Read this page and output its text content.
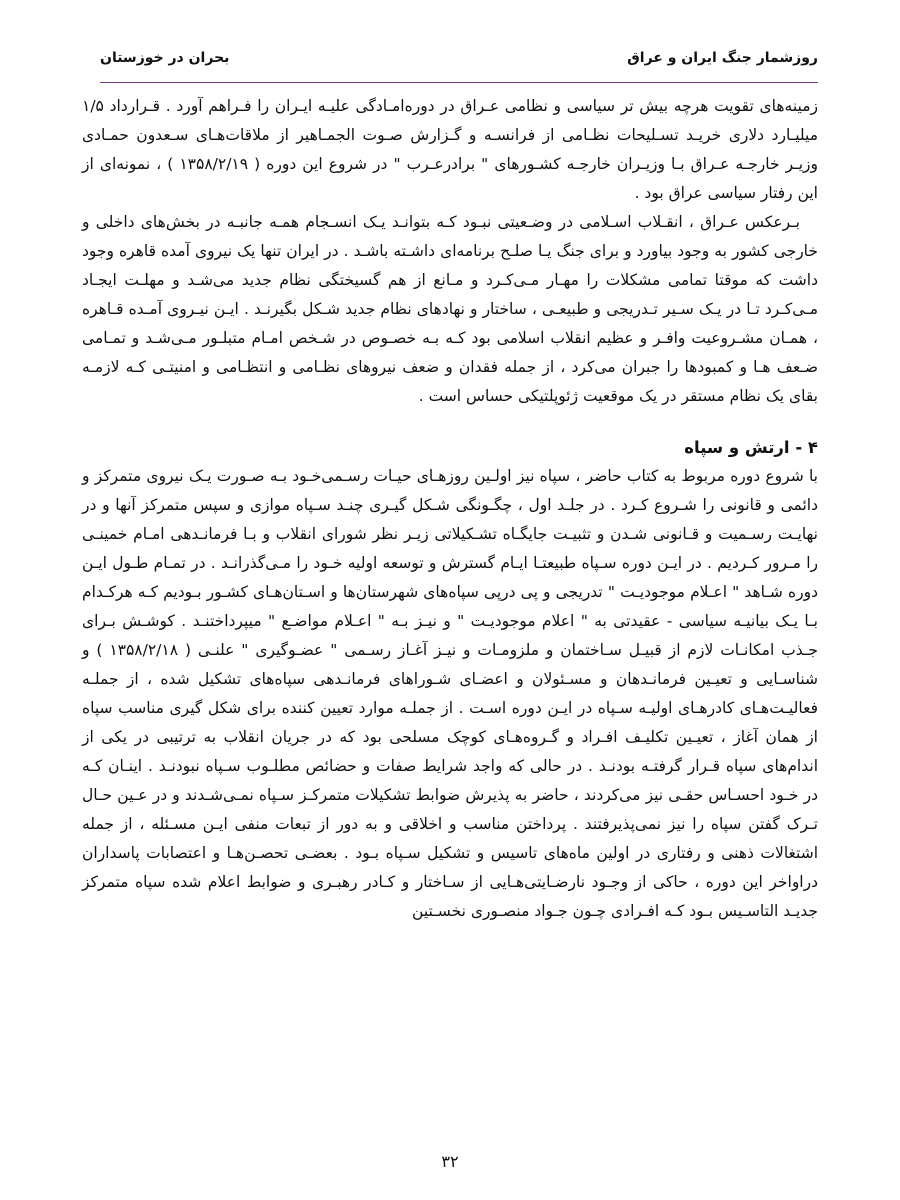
روزشمار جنگ ایران و عراق
بحران در خوزستان

زمینه‌های تقویت هرچه بیش تر سیاسی و نظامی عـراق در دوره‌امـادگی علیـه ایـران را فـراهم آورد . قـرارداد ۱/۵ میلیـارد دلاری خریـد تسـلیحات نظـامی از فرانسـه و گـزارش صـوت الجمـاهیر از ملاقات‌هـای سـعدون حمـادی وزیـر خارجـه عـراق بـا وزیـران خارجـه کشـورهای " برادرعـرب " در شروع این دوره ( ۱۳۵۸/۲/۱۹ ) ، نمونه‌ای از این رفتار سیاسی عراق بود .

بـرعکس عـراق ، انقـلاب اسـلامی در وضـعیتی نبـود کـه بتوانـد یـک انسـجام همـه جانبـه در بخش‌های داخلی و خارجی کشور به وجود بیاورد و برای جنگ یـا صلـح برنامه‌ای داشـته باشـد . در ایران تنها یک نیروی آمده قاهره وجود داشت که موقتا تمامی مشکلات را مهـار مـی‌کـرد و مـانع از هم گسیختگی نظام جدید می‌شـد و مهلـت ایجـاد مـی‌کـرد تـا در یـک سـیر تـدریجی و طبیعـی ، ساختار و نهادهای نظام جدید شـکل بگیرنـد . ایـن نیـروی آمـده قـاهره ، همـان مشـروعیت وافـر و عظیم انقلاب اسلامی بود کـه بـه خصـوص در شـخص امـام متبلـور مـی‌شـد و تمـامی ضـعف هـا و کمبودها را جبران می‌کرد ، از جمله فقدان و ضعف نیروهای نظـامی و انتظـامی و امنیتـی کـه لازمـه بقای یک نظام مستقر در یک موقعیت ژئوپلتیکی حساس است .

۴ - ارتش و سپاه

با شروع دوره مربوط به کتاب حاضر ، سپاه نیز اولـین روزهـای حیـات رسـمی‌خـود بـه صـورت یـک نیروی متمرکز و دائمی و قانونی را شـروع کـرد . در جلـد اول ، چگـونگی شـکل گیـری چنـد سـپاه موازی و سپس متمرکز آنها و در نهایـت رسـمیت و قـانونی شـدن و تثبیـت جایگـاه تشـکیلاتی زیـر نظر شورای انقلاب و بـا فرمانـدهی امـام خمینـی را مـرور کـردیم . در ایـن دوره سـپاه طبیعتـا ایـام گسترش و توسعه اولیه خـود را مـی‌گذرانـد . در تمـام طـول ایـن دوره شـاهد " اعـلام موجودیـت " تدریجی و پی درپی سپاه‌های شهرستان‌ها و اسـتان‌هـای کشـور بـودیم کـه هرکـدام بـا یـک بیانیـه سیاسی - عقیدتی به " اعلام موجودیـت " و نیـز بـه " اعـلام مواضـع " میپرداختنـد . کوشـش بـرای جـذب امکانـات لازم از قبیـل سـاختمان و ملزومـات و نیـز آغـاز رسـمی " عضـوگیری " علنـی ( ۱۳۵۸/۲/۱۸ ) و شناسـایی و تعیـین فرمانـدهان و مسـئولان و اعضـای شـوراهای فرمانـدهی سپاه‌های تشکیل شده ، از جملـه فعالیـت‌هـای کادرهـای اولیـه سـپاه در ایـن دوره اسـت . از جملـه موارد تعیین کننده برای شکل گیری مناسب سپاه از همان آغاز ، تعیـین تکلیـف افـراد و گـروه‌هـای کوچک مسلحی بود که در جریان انقلاب به ترتیبی در یکی از اندام‌های سپاه قـرار گرفتـه بودنـد . در حالی که واجد شرایط صفات و حضائص مطلـوب سـپاه نبودنـد . اینـان کـه در خـود احسـاس حقـی نیز می‌کردند ، حاضر به پذیرش ضوابط تشکیلات متمرکـز سـپاه نمـی‌شـدند و در عـین حـال تـرک گفتن سپاه را نیز نمی‌پذیرفتند . پرداختن مناسب و اخلاقی و به دور از تبعات منفی ایـن مسـئله ، از جمله اشتغالات ذهنی و رفتاری در اولین ماه‌های تاسیس و تشکیل سـپاه بـود . بعضـی تحصـن‌هـا و اعتصابات پاسداران دراواخر این دوره ، حاکی از وجـود نارضـایتی‌هـایی از سـاختار و کـادر رهبـری و ضوابط اعلام شده سپاه متمرکز جدیـد التاسـیس بـود کـه افـرادی چـون جـواد منصـوری نخسـتین

۳۲
